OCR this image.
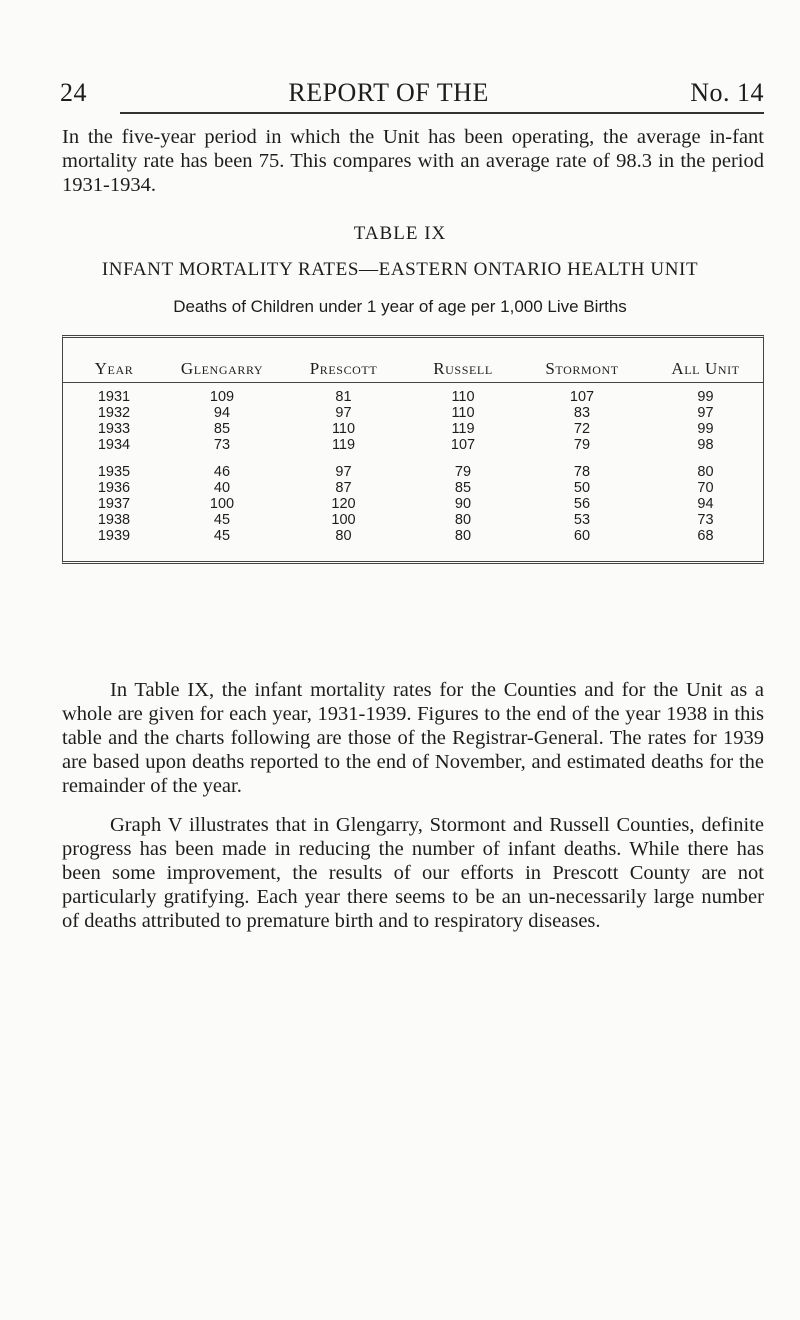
24	REPORT OF THE	No. 14

In the five-year period in which the Unit has been operating, the average in-fant mortality rate has been 75. This compares with an average rate of 98.3 in the period 1931-1934.

TABLE IX

INFANT MORTALITY RATES—EASTERN ONTARIO HEALTH UNIT

Deaths of Children under 1 year of age per 1,000 Live Births

Year	Glengarry	Prescott	Russell	Stormont	All Unit
1931	109	81	110	107	99
1932	94	97	110	83	97
1933	85	110	119	72	99
1934	73	119	107	79	98
1935	46	97	79	78	80
1936	40	87	85	50	70
1937	100	120	90	56	94
1938	45	100	80	53	73
1939	45	80	80	60	68

In Table IX, the infant mortality rates for the Counties and for the Unit as a whole are given for each year, 1931-1939. Figures to the end of the year 1938 in this table and the charts following are those of the Registrar-General. The rates for 1939 are based upon deaths reported to the end of November, and estimated deaths for the remainder of the year.

Graph V illustrates that in Glengarry, Stormont and Russell Counties, definite progress has been made in reducing the number of infant deaths. While there has been some improvement, the results of our efforts in Prescott County are not particularly gratifying. Each year there seems to be an un-necessarily large number of deaths attributed to premature birth and to respiratory diseases.
